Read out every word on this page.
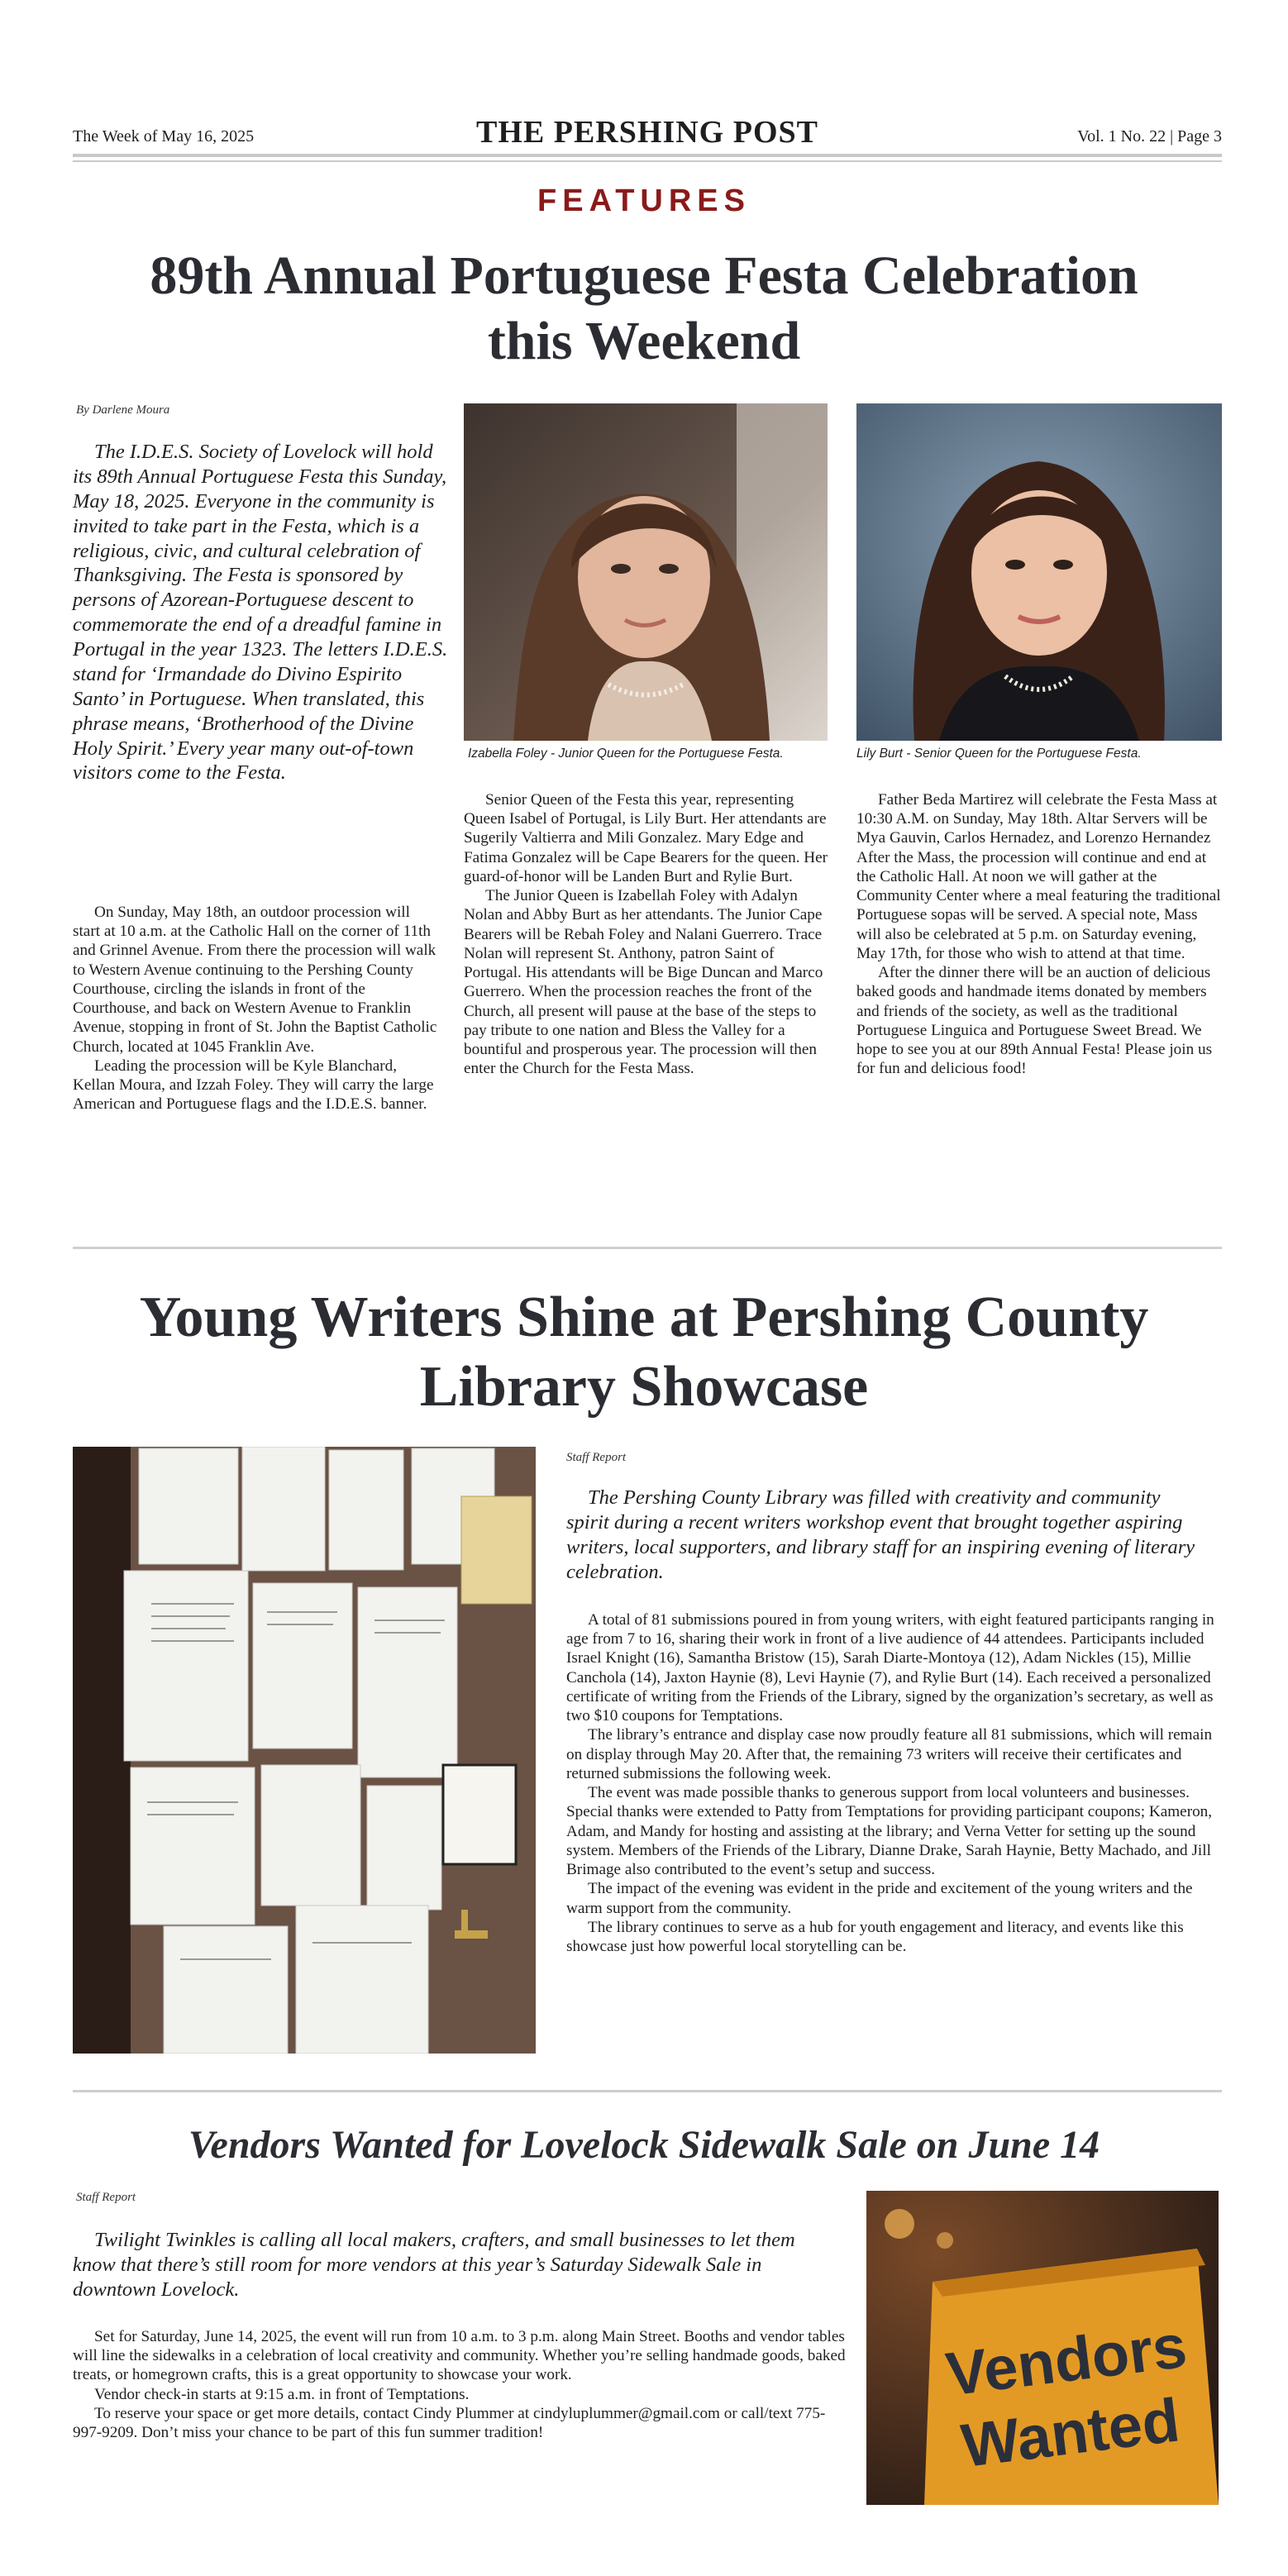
The Week of May 16, 2025	THE PERSHING POST	Vol. 1 No. 22 | Page 3
FEATURES
89th Annual Portuguese Festa Celebration this Weekend
By Darlene Moura

The I.D.E.S. Society of Lovelock will hold its 89th Annual Portuguese Festa this Sunday, May 18, 2025. Everyone in the community is invited to take part in the Festa, which is a religious, civic, and cultural celebration of Thanksgiving. The Festa is sponsored by persons of Azorean-Portuguese descent to commemorate the end of a dreadful famine in Portugal in the year 1323. The letters I.D.E.S. stand for ‘Irmandade do Divino Espirito Santo’ in Portuguese. When translated, this phrase means, ‘Brotherhood of the Divine Holy Spirit.’ Every year many out-of-town visitors come to the Festa.

On Sunday, May 18th, an outdoor procession will start at 10 a.m. at the Catholic Hall on the corner of 11th and Grinnel Avenue. From there the procession will walk to Western Avenue continuing to the Pershing County Courthouse, circling the islands in front of the Courthouse, and back on Western Avenue to Franklin Avenue, stopping in front of St. John the Baptist Catholic Church, located at 1045 Franklin Ave.

Leading the procession will be Kyle Blanchard, Kellan Moura, and Izzah Foley. They will carry the large American and Portuguese flags and the I.D.E.S. banner.

Izabella Foley - Junior Queen for the Portuguese Festa.	Lily Burt - Senior Queen for the Portuguese Festa.

Senior Queen of the Festa this year, representing Queen Isabel of Portugal, is Lily Burt. Her attendants are Sugerily Valtierra and Mili Gonzalez. Mary Edge and Fatima Gonzalez will be Cape Bearers for the queen. Her guard-of-honor will be Landen Burt and Rylie Burt.

The Junior Queen is Izabellah Foley with Adalyn Nolan and Abby Burt as her attendants. The Junior Cape Bearers will be Rebah Foley and Nalani Guerrero. Trace Nolan will represent St. Anthony, patron Saint of Portugal. His attendants will be Bige Duncan and Marco Guerrero. When the procession reaches the front of the Church, all present will pause at the base of the steps to pay tribute to one nation and Bless the Valley for a bountiful and prosperous year. The procession will then enter the Church for the Festa Mass.

Father Beda Martirez will celebrate the Festa Mass at 10:30 A.M. on Sunday, May 18th. Altar Servers will be Mya Gauvin, Carlos Hernadez, and Lorenzo Hernandez After the Mass, the procession will continue and end at the Catholic Hall. At noon we will gather at the Community Center where a meal featuring the traditional Portuguese sopas will be served. A special note, Mass will also be celebrated at 5 p.m. on Saturday evening, May 17th, for those who wish to attend at that time.

After the dinner there will be an auction of delicious baked goods and handmade items donated by members and friends of the society, as well as the traditional Portuguese Linguica and Portuguese Sweet Bread. We hope to see you at our 89th Annual Festa! Please join us for fun and delicious food!

Young Writers Shine at Pershing County Library Showcase
Staff Report

The Pershing County Library was filled with creativity and community spirit during a recent writers workshop event that brought together aspiring writers, local supporters, and library staff for an inspiring evening of literary celebration.

A total of 81 submissions poured in from young writers, with eight featured participants ranging in age from 7 to 16, sharing their work in front of a live audience of 44 attendees. Participants included Israel Knight (16), Samantha Bristow (15), Sarah Diarte-Montoya (12), Adam Nickles (15), Millie Canchola (14), Jaxton Haynie (8), Levi Haynie (7), and Rylie Burt (14). Each received a personalized certificate of writing from the Friends of the Library, signed by the organization’s secretary, as well as two $10 coupons for Temptations.

The library’s entrance and display case now proudly feature all 81 submissions, which will remain on display through May 20. After that, the remaining 73 writers will receive their certificates and returned submissions the following week.

The event was made possible thanks to generous support from local volunteers and businesses. Special thanks were extended to Patty from Temptations for providing participant coupons; Kameron, Adam, and Mandy for hosting and assisting at the library; and Verna Vetter for setting up the sound system. Members of the Friends of the Library, Dianne Drake, Sarah Haynie, Betty Machado, and Jill Brimage also contributed to the event’s setup and success.

The impact of the evening was evident in the pride and excitement of the young writers and the warm support from the community.

The library continues to serve as a hub for youth engagement and literacy, and events like this showcase just how powerful local storytelling can be.

Vendors Wanted for Lovelock Sidewalk Sale on June 14
Staff Report

Twilight Twinkles is calling all local makers, crafters, and small businesses to let them know that there’s still room for more vendors at this year’s Saturday Sidewalk Sale in downtown Lovelock.

Set for Saturday, June 14, 2025, the event will run from 10 a.m. to 3 p.m. along Main Street. Booths and vendor tables will line the sidewalks in a celebration of local creativity and community. Whether you’re selling handmade goods, baked treats, or homegrown crafts, this is a great opportunity to showcase your work.

Vendor check-in starts at 9:15 a.m. in front of Temptations.

To reserve your space or get more details, contact Cindy Plummer at cindyluplummer@gmail.com or call/text 775-997-9209. Don’t miss your chance to be part of this fun summer tradition!

Vendors
Wanted
